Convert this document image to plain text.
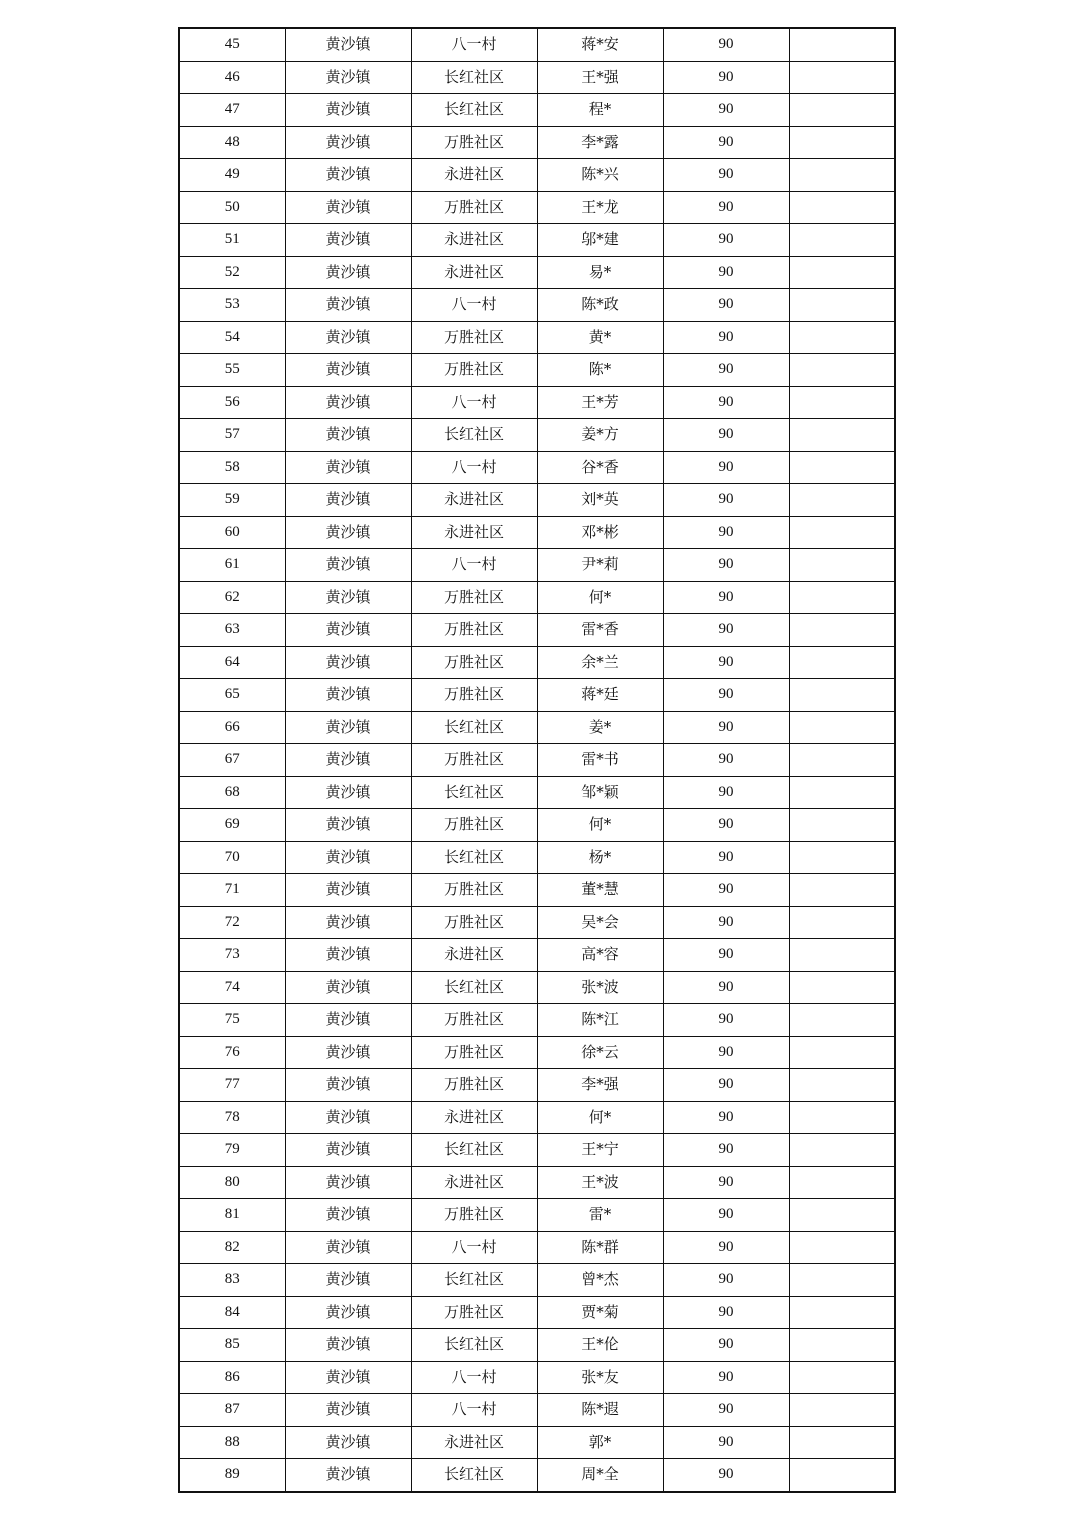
45	黄沙镇	八一村	蒋*安	90	
46	黄沙镇	长红社区	王*强	90	
47	黄沙镇	长红社区	程*	90	
48	黄沙镇	万胜社区	李*露	90	
49	黄沙镇	永进社区	陈*兴	90	
50	黄沙镇	万胜社区	王*龙	90	
51	黄沙镇	永进社区	邬*建	90	
52	黄沙镇	永进社区	易*	90	
53	黄沙镇	八一村	陈*政	90	
54	黄沙镇	万胜社区	黄*	90	
55	黄沙镇	万胜社区	陈*	90	
56	黄沙镇	八一村	王*芳	90	
57	黄沙镇	长红社区	姜*方	90	
58	黄沙镇	八一村	谷*香	90	
59	黄沙镇	永进社区	刘*英	90	
60	黄沙镇	永进社区	邓*彬	90	
61	黄沙镇	八一村	尹*莉	90	
62	黄沙镇	万胜社区	何*	90	
63	黄沙镇	万胜社区	雷*香	90	
64	黄沙镇	万胜社区	余*兰	90	
65	黄沙镇	万胜社区	蒋*廷	90	
66	黄沙镇	长红社区	姜*	90	
67	黄沙镇	万胜社区	雷*书	90	
68	黄沙镇	长红社区	邹*颖	90	
69	黄沙镇	万胜社区	何*	90	
70	黄沙镇	长红社区	杨*	90	
71	黄沙镇	万胜社区	董*慧	90	
72	黄沙镇	万胜社区	吴*会	90	
73	黄沙镇	永进社区	高*容	90	
74	黄沙镇	长红社区	张*波	90	
75	黄沙镇	万胜社区	陈*江	90	
76	黄沙镇	万胜社区	徐*云	90	
77	黄沙镇	万胜社区	李*强	90	
78	黄沙镇	永进社区	何*	90	
79	黄沙镇	长红社区	王*宁	90	
80	黄沙镇	永进社区	王*波	90	
81	黄沙镇	万胜社区	雷*	90	
82	黄沙镇	八一村	陈*群	90	
83	黄沙镇	长红社区	曾*杰	90	
84	黄沙镇	万胜社区	贾*菊	90	
85	黄沙镇	长红社区	王*伦	90	
86	黄沙镇	八一村	张*友	90	
87	黄沙镇	八一村	陈*遐	90	
88	黄沙镇	永进社区	郭*	90	
89	黄沙镇	长红社区	周*全	90	
